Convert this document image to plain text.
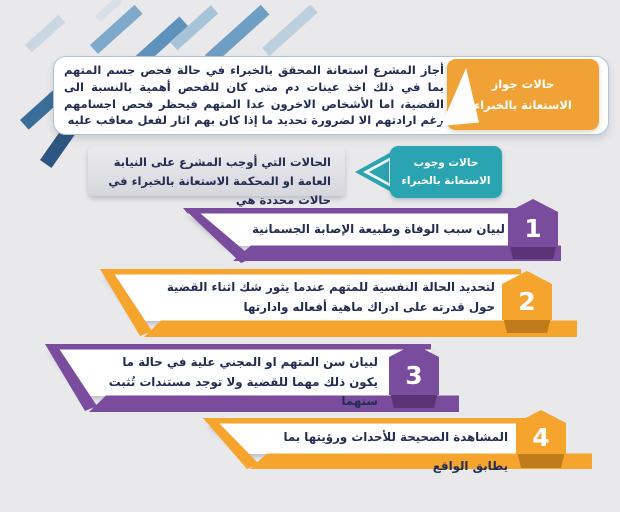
أجاز المشرع استعانة المحقق بالخبراء في حالة فحص جسم المتهم بما في ذلك اخذ عينات دم متى كان للفحص أهمية بالنسبة الى القضية، اما الأشخاص الاخرون عدا المتهم فيحظر فحص اجسامهم رغم ارادتهم الا لضرورة تحديد ما إذا كان بهم اثار لفعل معاقب عليه
حالات جواز
الاستعانة بالخبراء
الحالات التي أوجب المشرع على النيابة العامة او المحكمة الاستعانة بالخبراء في حالات محددة هي
حالات وجوب
الاستعانة بالخبراء
لبيان سبب الوفاة وطبيعة الإصابة الجسمانية
لتحديد الحالة النفسية للمتهم عندما يثور شك اثناء القضية حول قدرته على ادراك ماهية أفعاله وادارتها
لبيان سن المتهم او المجني علية في حالة ما يكون ذلك مهما للقضية ولا توجد مستندات تُثبت سنهما
المشاهدة الصحيحة للأحداث ورؤيتها بما يطابق الواقع
1
2
3
4
